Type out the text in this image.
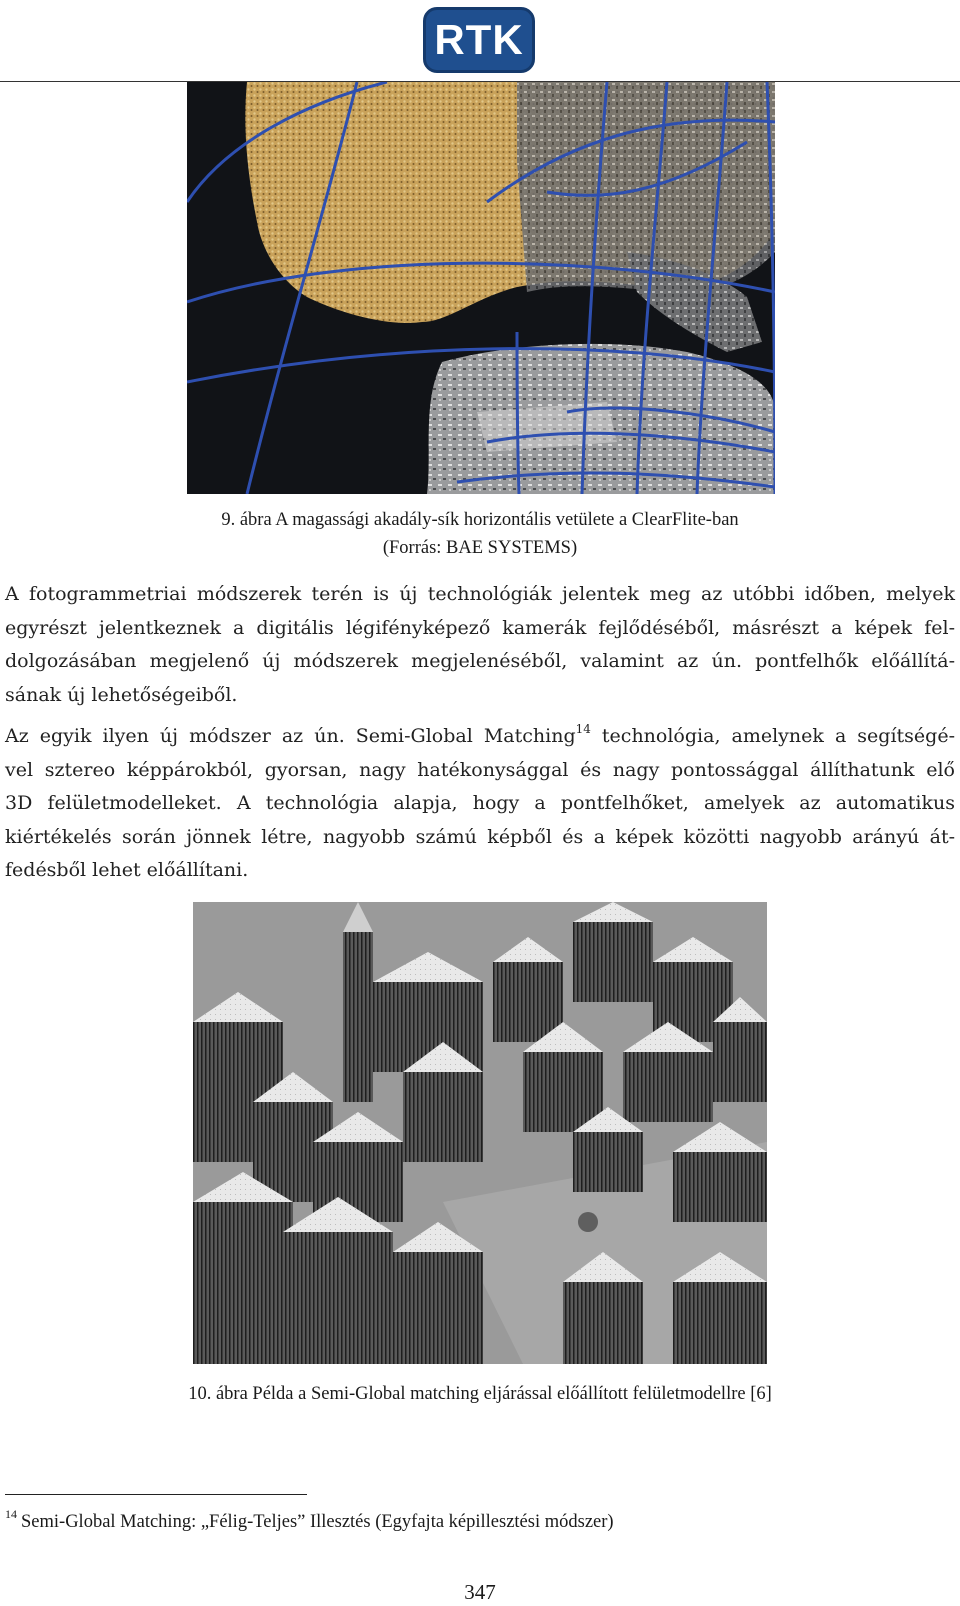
RTK
9. ábra A magassági akadály-sík horizontális vetülete a ClearFlite-ban
(Forrás: BAE SYSTEMS)
A fotogrammetriai módszerek terén is új technológiák jelentek meg az utóbbi időben, melyek
egyrészt jelentkeznek a digitális légifényképező kamerák fejlődéséből, másrészt a képek fel-
dolgozásában megjelenő új módszerek megjelenéséből, valamint az ún. pontfelhők előállítá-
sának új lehetőségeiből.
Az egyik ilyen új módszer az ún. Semi-Global Matching$^{14}$ technológia, amelynek a segítségé-
vel sztereo képpárokból, gyorsan, nagy hatékonysággal és nagy pontossággal állíthatunk elő
3D felületmodelleket. A technológia alapja, hogy a pontfelhőket, amelyek az automatikus
kiértékelés során jönnek létre, nagyobb számú képből és a képek közötti nagyobb arányú át-
fedésből lehet előállítani.
10. ábra Példa a Semi-Global matching eljárással előállított felületmodellre [6]
$^{14}$ Semi-Global Matching: „Félig-Teljes” Illesztés (Egyfajta képillesztési módszer)
347
